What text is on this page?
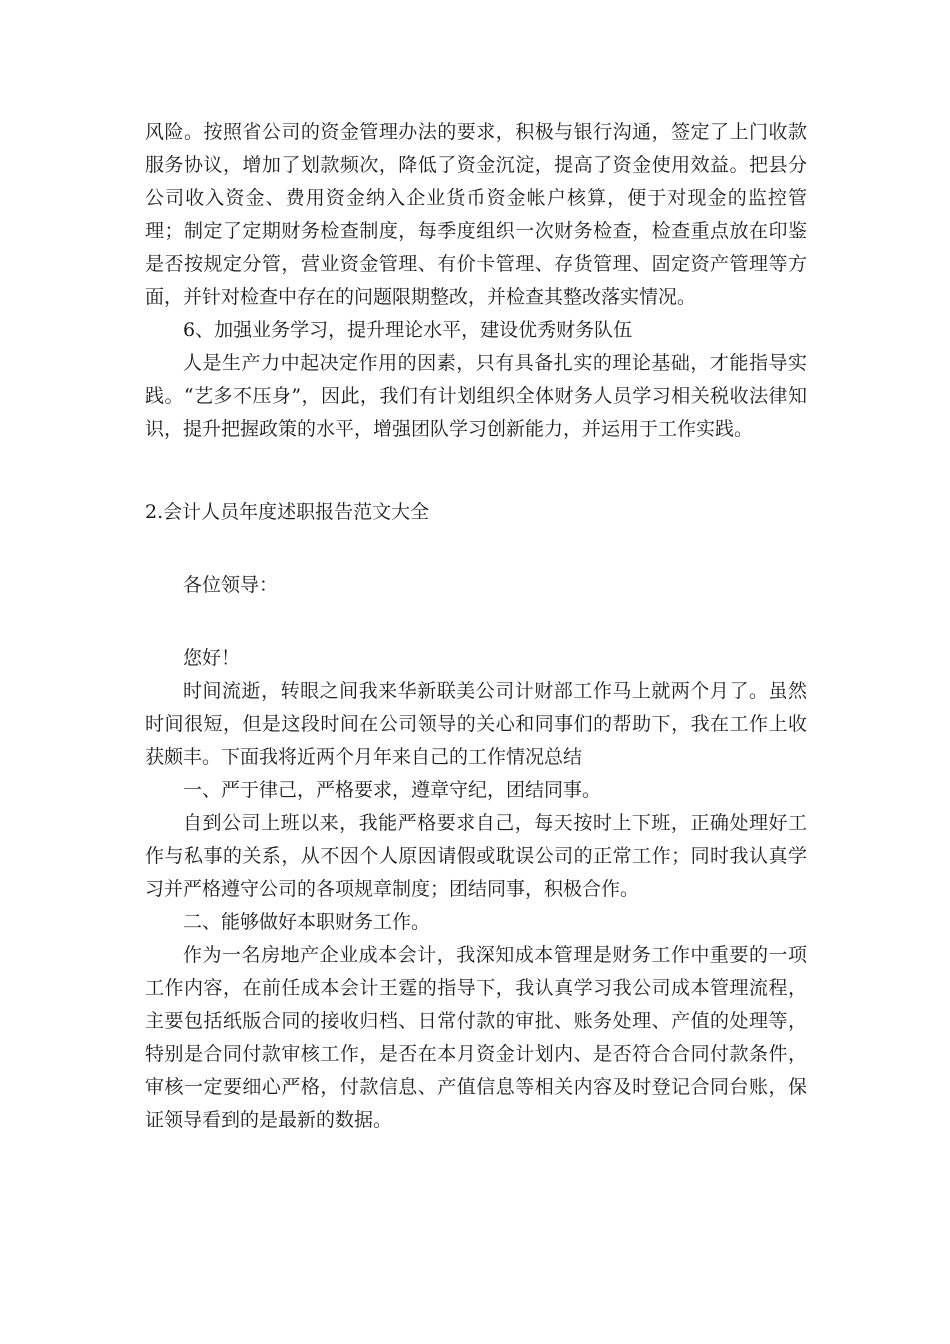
风险。按照省公司的资金管理办法的要求，积极与银行沟通，签定了上门收款服务协议，增加了划款频次，降低了资金沉淀，提高了资金使用效益。把县分公司收入资金、费用资金纳入企业货币资金帐户核算，便于对现金的监控管理；制定了定期财务检查制度，每季度组织一次财务检查，检查重点放在印鉴是否按规定分管，营业资金管理、有价卡管理、存货管理、固定资产管理等方面，并针对检查中存在的问题限期整改，并检查其整改落实情况。

6、加强业务学习，提升理论水平，建设优秀财务队伍

人是生产力中起决定作用的因素，只有具备扎实的理论基础，才能指导实践。“艺多不压身”，因此，我们有计划组织全体财务人员学习相关税收法律知识，提升把握政策的水平，增强团队学习创新能力，并运用于工作实践。

2.会计人员年度述职报告范文大全

各位领导：

您好！

时间流逝，转眼之间我来华新联美公司计财部工作马上就两个月了。虽然时间很短，但是这段时间在公司领导的关心和同事们的帮助下，我在工作上收获颇丰。下面我将近两个月年来自己的工作情况总结

一、严于律己，严格要求，遵章守纪，团结同事。

自到公司上班以来，我能严格要求自己，每天按时上下班，正确处理好工作与私事的关系，从不因个人原因请假或耽误公司的正常工作；同时我认真学习并严格遵守公司的各项规章制度；团结同事，积极合作。

二、能够做好本职财务工作。

作为一名房地产企业成本会计，我深知成本管理是财务工作中重要的一项工作内容，在前任成本会计王霆的指导下，我认真学习我公司成本管理流程，主要包括纸版合同的接收归档、日常付款的审批、账务处理、产值的处理等，特别是合同付款审核工作，是否在本月资金计划内、是否符合合同付款条件，审核一定要细心严格，付款信息、产值信息等相关内容及时登记合同台账，保证领导看到的是最新的数据。
